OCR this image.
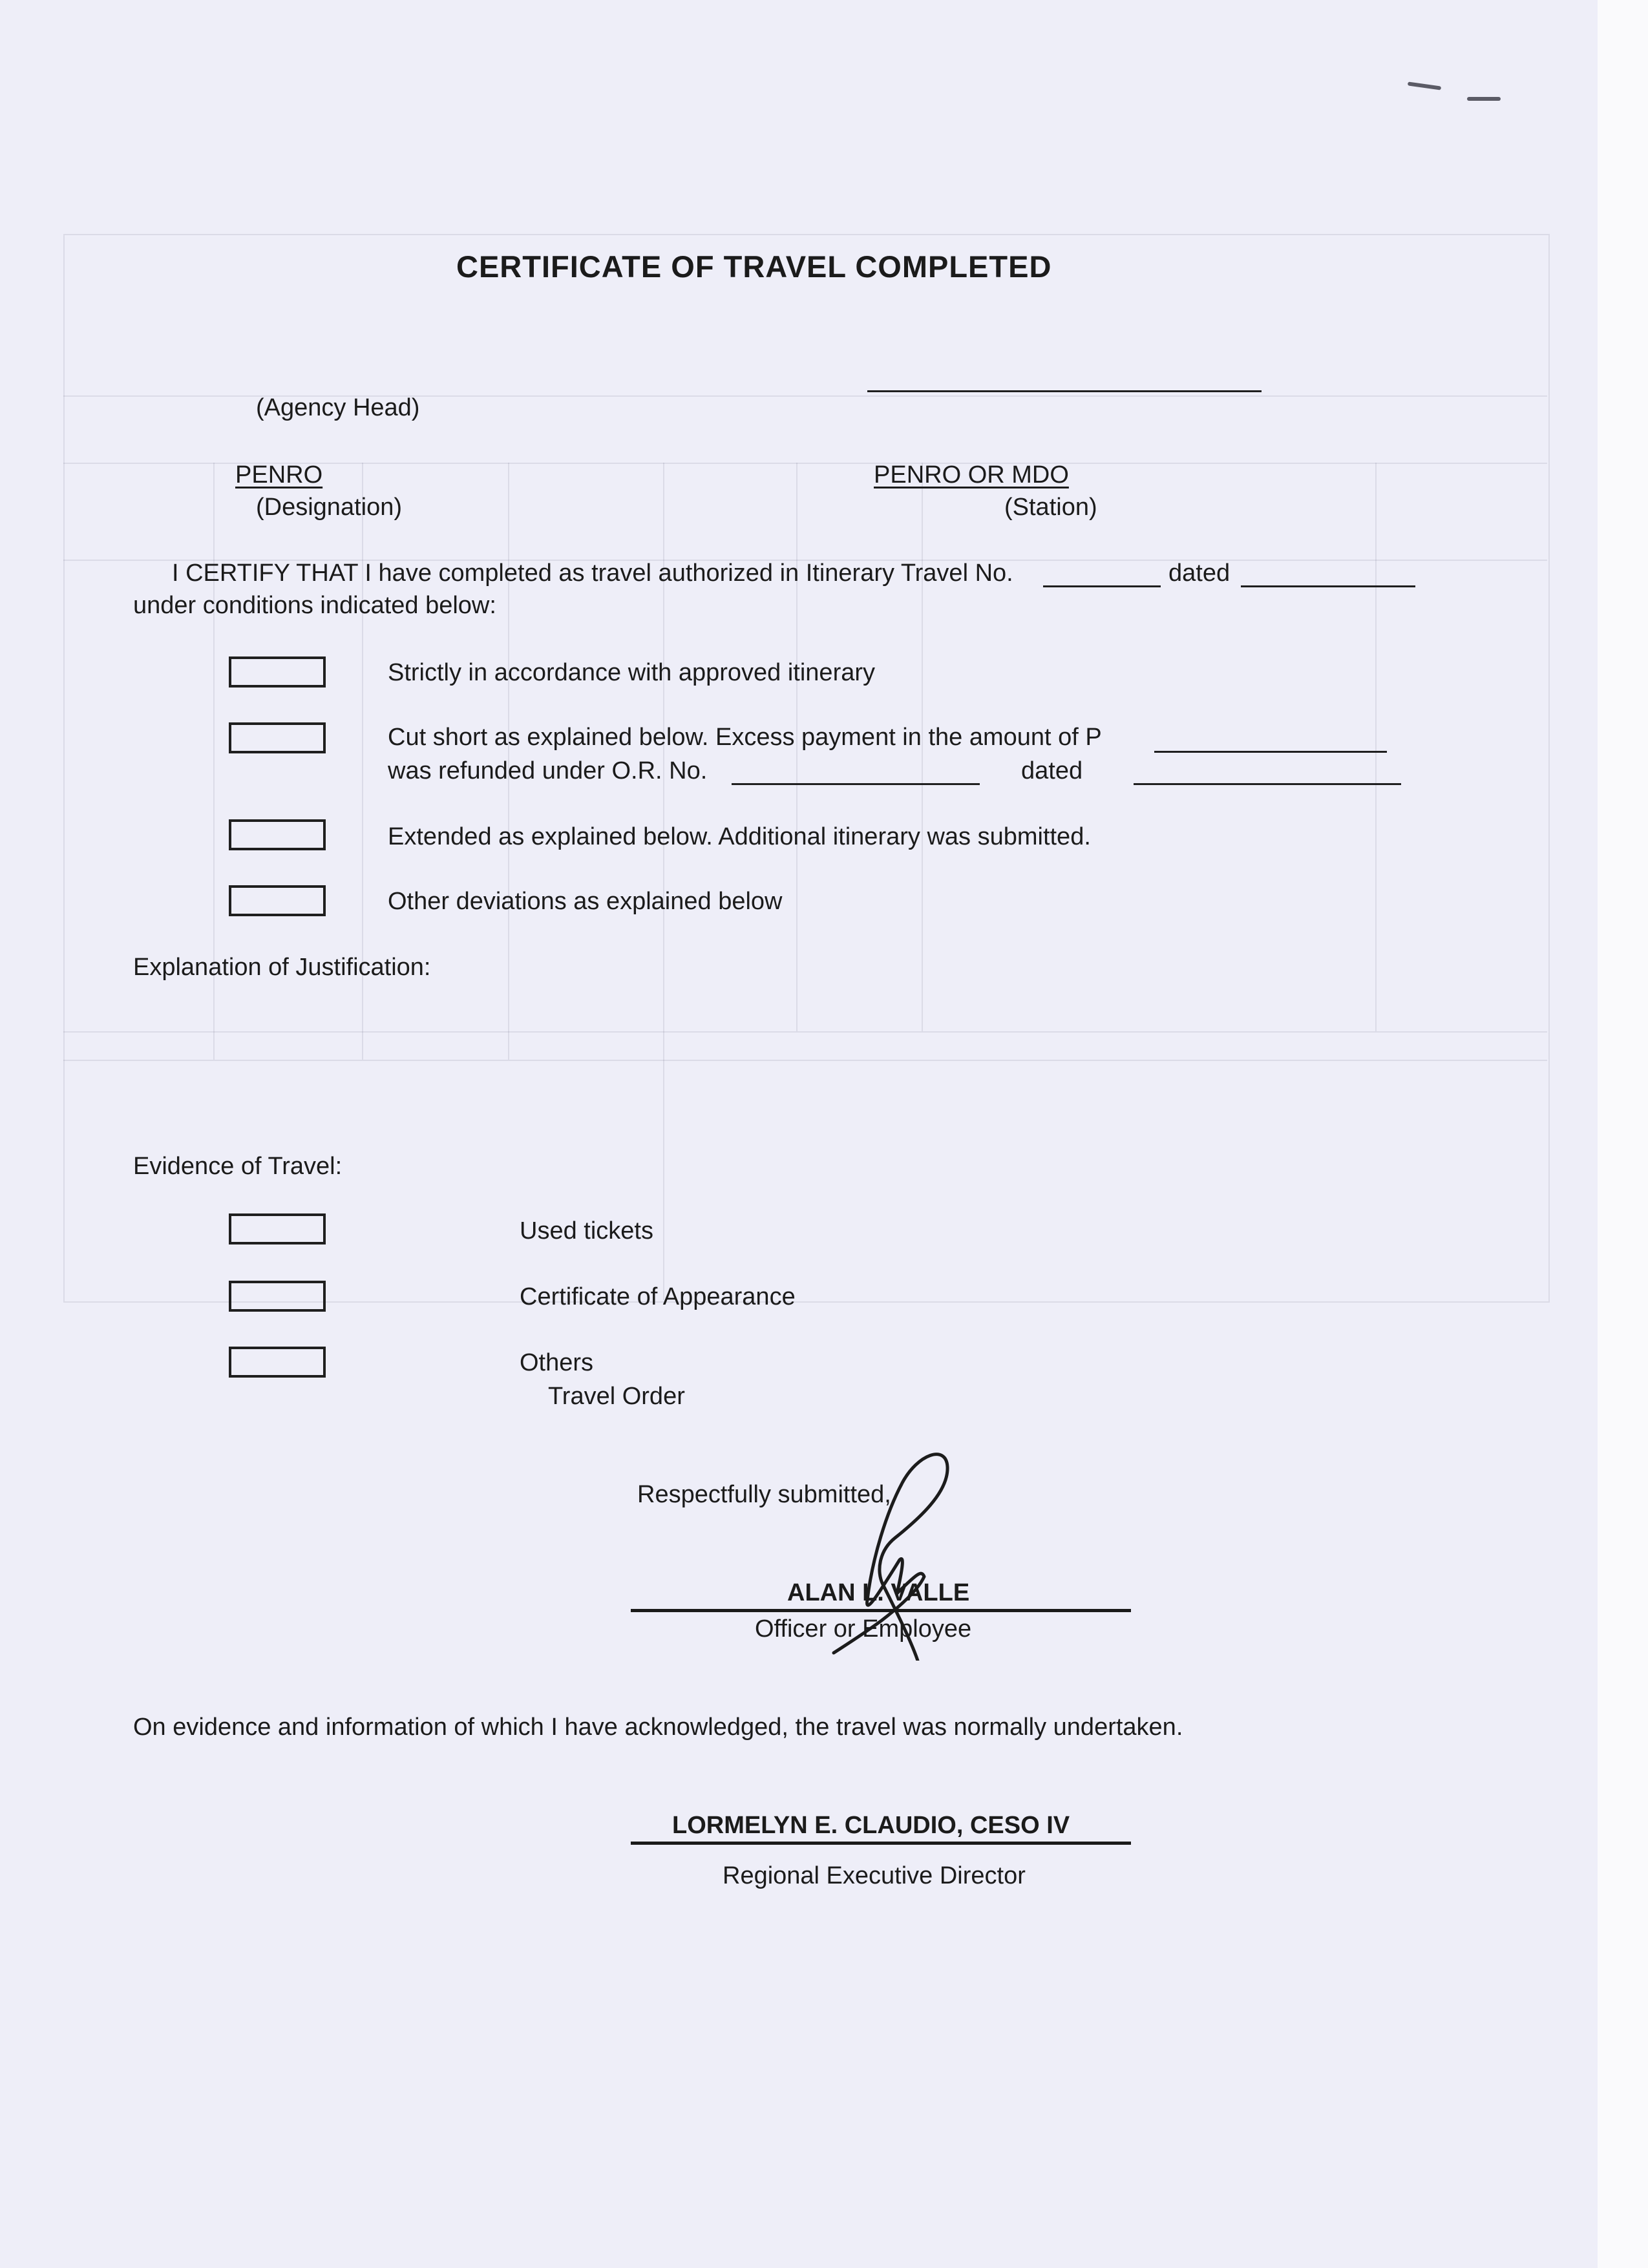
CERTIFICATE OF TRAVEL COMPLETED
(Agency Head)
PENRO
(Designation)
PENRO OR MDO
(Station)
I CERTIFY THAT I have completed as travel authorized in Itinerary Travel No.	dated
under conditions indicated below:
Strictly in accordance with approved itinerary
Cut short as explained below. Excess payment in the amount of P
was refunded under O.R. No.	dated
Extended as explained below. Additional itinerary was submitted.
Other deviations as explained below
Explanation of Justification:
Evidence of Travel:
Used tickets
Certificate of Appearance
Others
Travel Order
Respectfully submitted,
ALAN L. VALLE
Officer or Employee
On evidence and information of which I have acknowledged, the travel was normally undertaken.
LORMELYN E. CLAUDIO, CESO IV
Regional Executive Director
